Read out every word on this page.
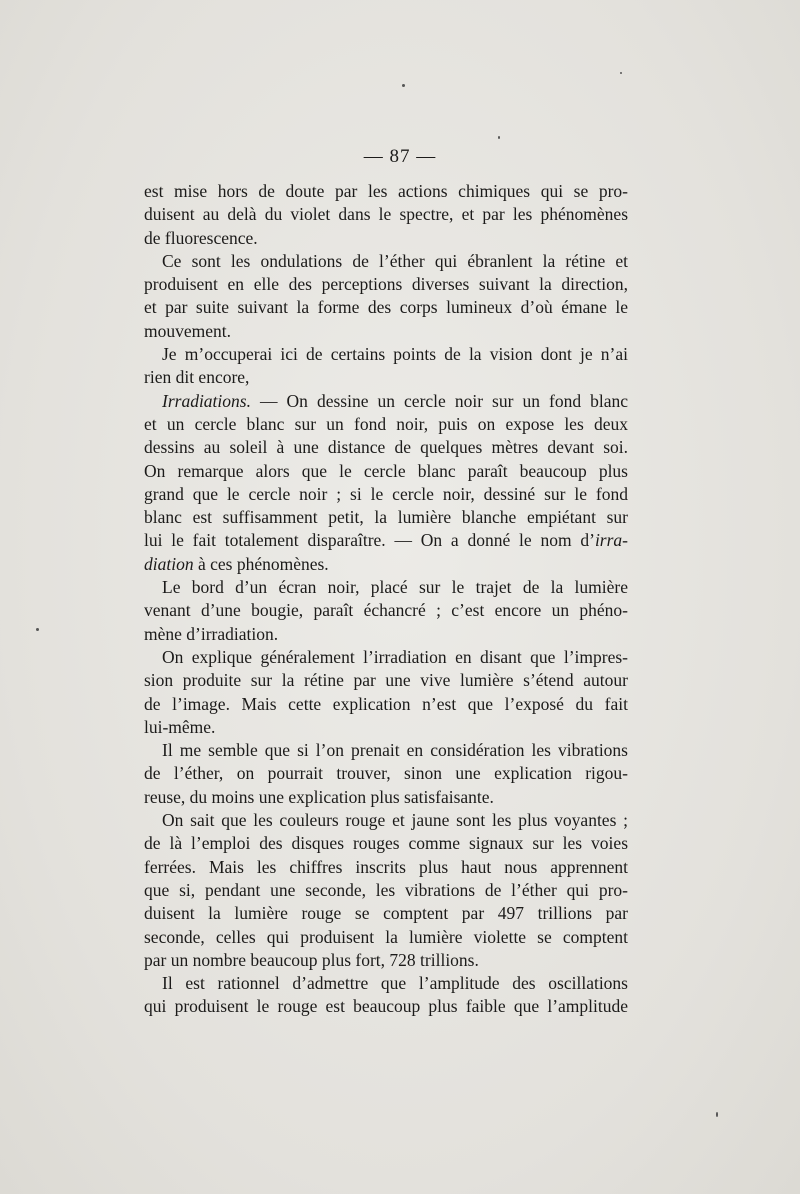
— 87 —
est mise hors de doute par les actions chimiques qui se pro-
duisent au delà du violet dans le spectre, et par les phénomènes
de fluorescence.
Ce sont les ondulations de l’éther qui ébranlent la rétine et
produisent en elle des perceptions diverses suivant la direction,
et par suite suivant la forme des corps lumineux d’où émane le
mouvement.
Je m’occuperai ici de certains points de la vision dont je n’ai
rien dit encore,
Irradiations. — On dessine un cercle noir sur un fond blanc
et un cercle blanc sur un fond noir, puis on expose les deux
dessins au soleil à une distance de quelques mètres devant soi.
On remarque alors que le cercle blanc paraît beaucoup plus
grand que le cercle noir ; si le cercle noir, dessiné sur le fond
blanc est suffisamment petit, la lumière blanche empiétant sur
lui le fait totalement disparaître. — On a donné le nom d’irra-
diation à ces phénomènes.
Le bord d’un écran noir, placé sur le trajet de la lumière
venant d’une bougie, paraît échancré ; c’est encore un phéno-
mène d’irradiation.
On explique généralement l’irradiation en disant que l’impres-
sion produite sur la rétine par une vive lumière s’étend autour
de l’image. Mais cette explication n’est que l’exposé du fait
lui-même.
Il me semble que si l’on prenait en considération les vibrations
de l’éther, on pourrait trouver, sinon une explication rigou-
reuse, du moins une explication plus satisfaisante.
On sait que les couleurs rouge et jaune sont les plus voyantes ;
de là l’emploi des disques rouges comme signaux sur les voies
ferrées. Mais les chiffres inscrits plus haut nous apprennent
que si, pendant une seconde, les vibrations de l’éther qui pro-
duisent la lumière rouge se comptent par 497 trillions par
seconde, celles qui produisent la lumière violette se comptent
par un nombre beaucoup plus fort, 728 trillions.
Il est rationnel d’admettre que l’amplitude des oscillations
qui produisent le rouge est beaucoup plus faible que l’amplitude
